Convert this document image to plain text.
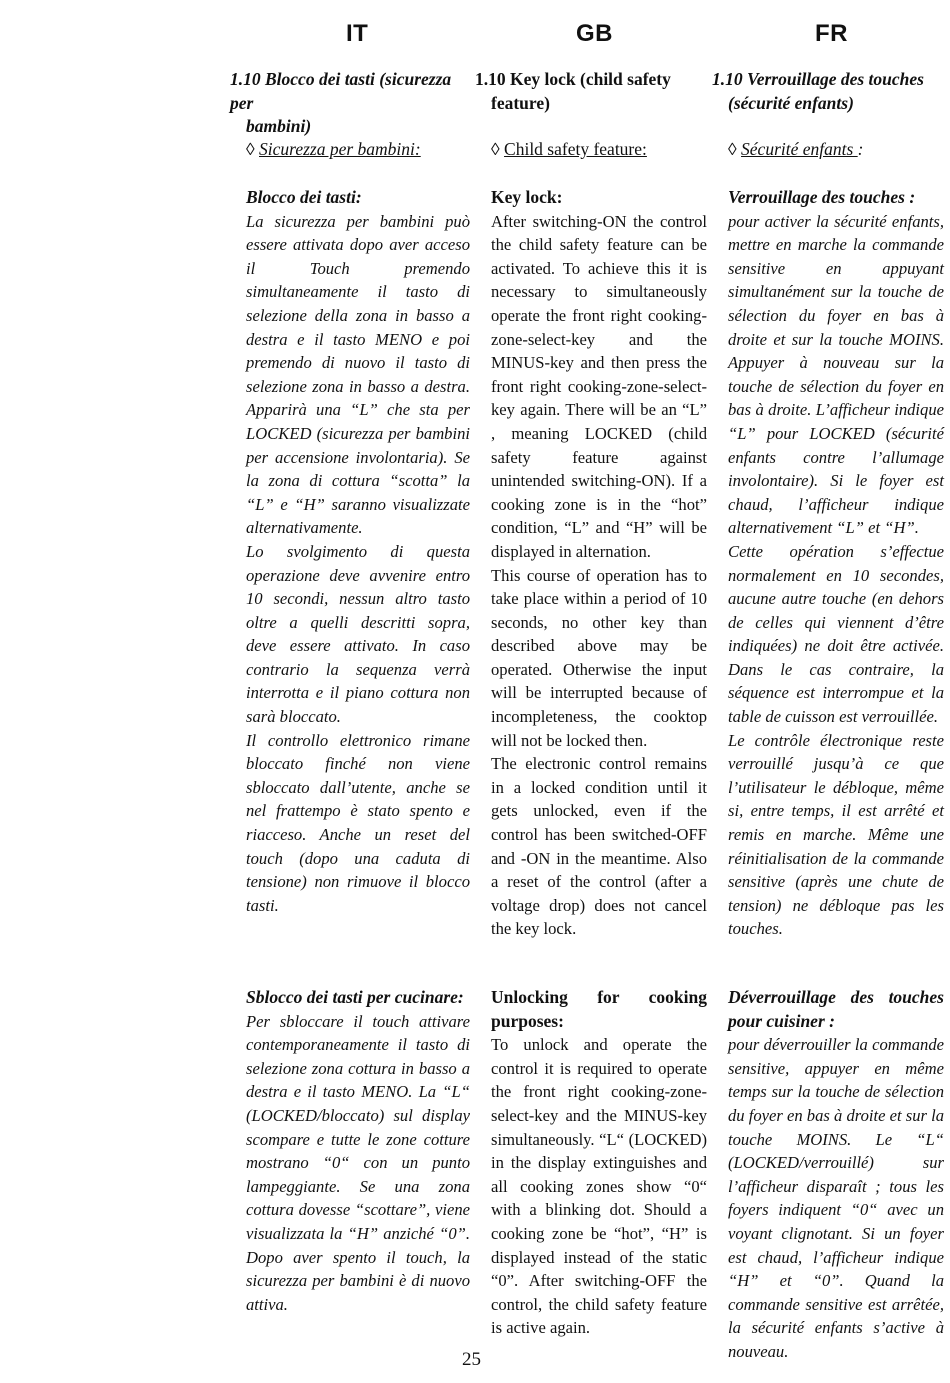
IT	GB	FR
1.10 Blocco dei tasti (sicurezza per
bambini)
◊ Sicurezza per bambini:
Blocco dei tasti:

La sicurezza per bambini può essere attivata dopo aver acceso il Touch premendo simultaneamente il tasto di selezione della zona in basso a destra e il tasto MENO e poi premendo di nuovo il tasto di selezione zona in basso a destra. Apparirà una “L” che sta per LOCKED (sicurezza per bambini per accensione involontaria). Se la zona di cottura “scotta” la “L” e “H” saranno visualizzate alternativamente.

Lo svolgimento di questa operazione deve avvenire entro 10 secondi, nessun altro tasto oltre a quelli descritti sopra, deve essere attivato. In caso contrario la sequenza verrà interrotta e il piano cottura non sarà bloccato.

Il controllo elettronico rimane bloccato finché non viene sbloccato dall’utente, anche se nel frattempo è stato spento e riacceso. Anche un reset del touch (dopo una caduta di tensione) non rimuove il blocco tasti.

Sblocco dei tasti per cucinare:

Per sbloccare il touch attivare contemporaneamente il tasto di selezione zona cottura in basso a destra e il tasto MENO. La “L“ (LOCKED/bloccato) sul display scompare e tutte le zone cotture mostrano “0“ con un punto lampeggiante. Se una zona cottura dovesse “scottare”, viene visualizzata la “H” anziché “0”. Dopo aver spento il touch, la sicurezza per bambini è di nuovo attiva.

1.10 Key lock (child safety
feature)
◊ Child safety feature:
Key lock:

After switching-ON the control the child safety feature can be activated. To achieve this it is necessary to simultaneously operate the front right cooking-zone-select-key and the MINUS-key and then press the front right cooking-zone-select-key again. There will be an “L” , meaning LOCKED (child safety feature against unintended switching-ON). If a cooking zone is in the “hot” condition, “L” and “H” will be displayed in alternation.

This course of operation has to take place within a period of 10 seconds, no other key than described above may be operated. Otherwise the input will be interrupted because of incompleteness, the cooktop will not be locked then.

The electronic control remains in a locked condition until it gets unlocked, even if the control has been switched-OFF and -ON in the meantime. Also a reset of the control (after a voltage drop) does not cancel the key lock.

Unlocking for cooking purposes:

To unlock and operate the control it is required to operate the front right cooking-zone-select-key and the MINUS-key simultaneously. “L“ (LOCKED) in the display extinguishes and all cooking zones show “0“ with a blinking dot. Should a cooking zone be “hot”, “H” is displayed instead of the static “0”. After switching-OFF the control, the child safety feature is active again.

1.10 Verrouillage des touches
(sécurité enfants)
◊ Sécurité enfants :
Verrouillage des touches :

pour activer la sécurité enfants, mettre en marche la commande sensitive en appuyant simultanément sur la touche de sélection du foyer en bas à droite et sur la touche MOINS. Appuyer à nouveau sur la touche de sélection du foyer en bas à droite. L’afficheur indique “L” pour LOCKED (sécurité enfants contre l’allumage involontaire). Si le foyer est chaud, l’afficheur indique alternativement “L” et “H”.

Cette opération s’effectue normalement en 10 secondes, aucune autre touche (en dehors de celles qui viennent d’être indiquées) ne doit être activée. Dans le cas contraire, la séquence est interrompue et la table de cuisson est verrouillée.

Le contrôle électronique reste verrouillé jusqu’à ce que l’utilisateur le débloque, même si, entre temps, il est arrêté et remis en marche. Même une réinitialisation de la commande sensitive (après une chute de tension) ne débloque pas les touches.

Déverrouillage des touches pour cuisiner :

pour déverrouiller la commande sensitive, appuyer en même temps sur la touche de sélection du foyer en bas à droite et sur la touche MOINS. Le “L“ (LOCKED/verrouillé) sur l’afficheur disparaît ; tous les foyers indiquent “0“ avec un voyant clignotant. Si un foyer est chaud, l’afficheur indique “H” et “0”. Quand la commande sensitive est arrêtée, la sécurité enfants s’active à nouveau.

25
